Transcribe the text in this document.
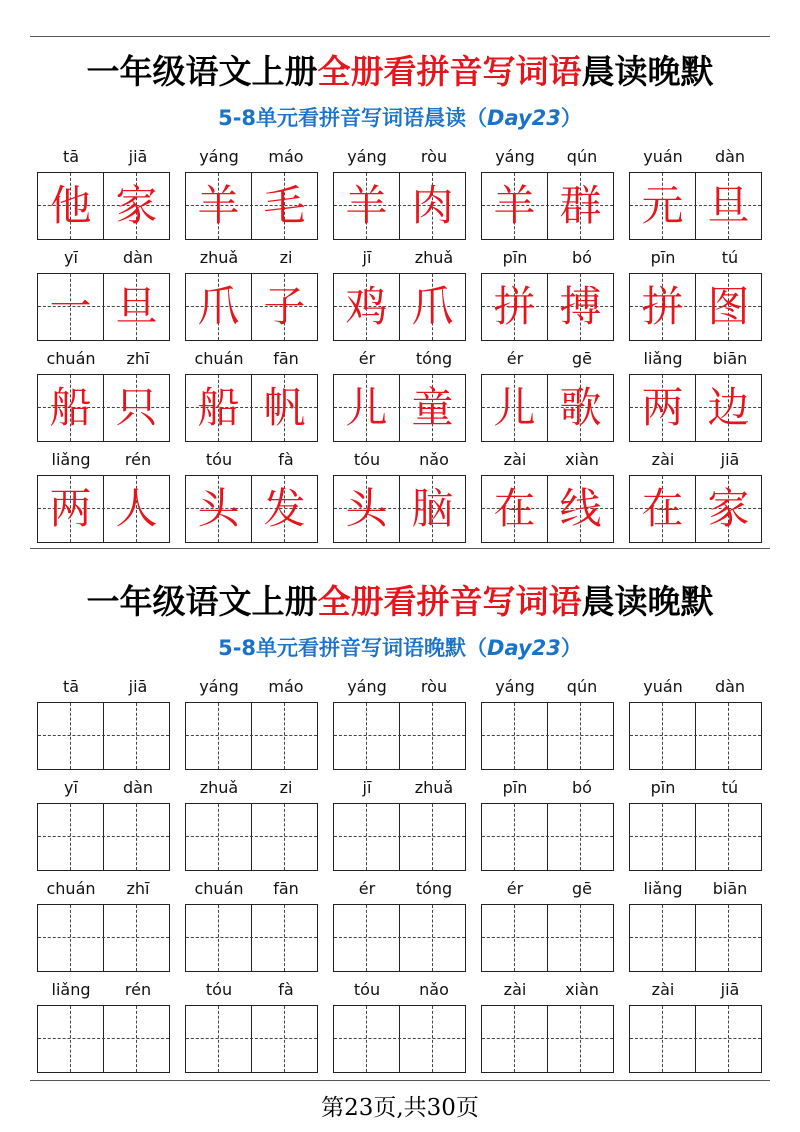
一年级语文上册全册看拼音写词语晨读晚默
5-8单元看拼音写词语晨读（Day23）
tā	jiā
他 家
yáng	máo
羊 毛
yáng	ròu
羊 肉
yáng	qún
羊 群
yuán	dàn
元 旦
yī	dàn
一 旦
zhuǎ	zi
爪 子
jī	zhuǎ
鸡 爪
pīn	bó
拼 搏
pīn	tú
拼 图
chuán	zhī
船 只
chuán	fān
船 帆
ér	tóng
儿 童
ér	gē
儿 歌
liǎng	biān
两 边
liǎng	rén
两 人
tóu	fà
头 发
tóu	nǎo
头 脑
zài	xiàn
在 线
zài	jiā
在 家
一年级语文上册全册看拼音写词语晨读晚默
5-8单元看拼音写词语晚默（Day23）
tā	jiā	yáng	máo	yáng	ròu	yáng	qún	yuán	dàn
yī	dàn	zhuǎ	zi	jī	zhuǎ	pīn	bó	pīn	tú
chuán	zhī	chuán	fān	ér	tóng	ér	gē	liǎng	biān
liǎng	rén	tóu	fà	tóu	nǎo	zài	xiàn	zài	jiā
第23页,共30页
